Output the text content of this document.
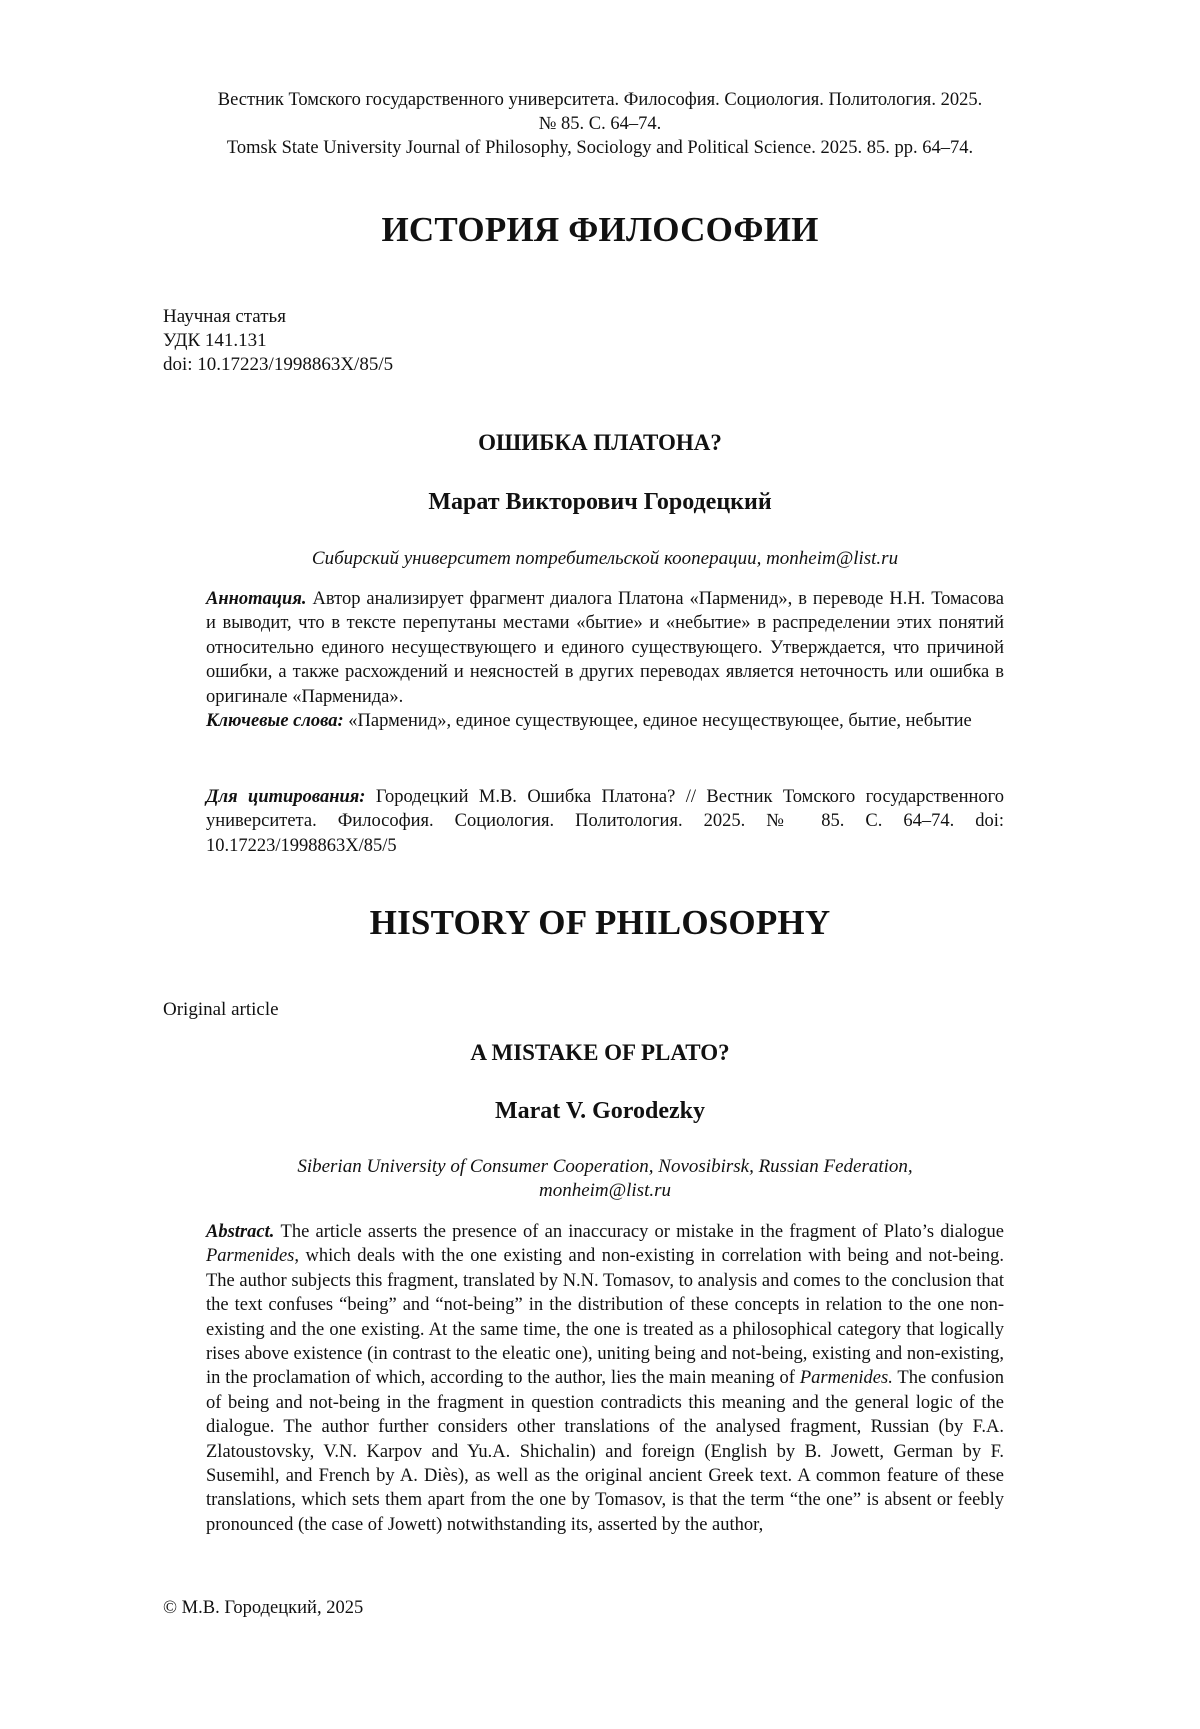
Вестник Томского государственного университета. Философия. Социология. Политология. 2025.
№ 85. С. 64–74.
Tomsk State University Journal of Philosophy, Sociology and Political Science. 2025. 85. pp. 64–74.
ИСТОРИЯ ФИЛОСОФИИ
Научная статья
УДК 141.131
doi: 10.17223/1998863Х/85/5
ОШИБКА ПЛАТОНА?
Марат Викторович Городецкий
Сибирский университет потребительской кооперации, monheim@list.ru
Аннотация. Автор анализирует фрагмент диалога Платона «Парменид», в переводе Н.Н. Томасова и выводит, что в тексте перепутаны местами «бытие» и «небытие» в распределении этих понятий относительно единого несуществующего и единого существующего. Утверждается, что причиной ошибки, а также расхождений и неясностей в других переводах является неточность или ошибка в оригинале «Парменида».
Ключевые слова: «Парменид», единое существующее, единое несуществующее, бытие, небытие
Для цитирования: Городецкий М.В. Ошибка Платона? // Вестник Томского государственного университета. Философия. Социология. Политология. 2025. № 85. С. 64–74. doi: 10.17223/1998863Х/85/5
HISTORY OF PHILOSOPHY
Original article
A MISTAKE OF PLATO?
Marat V. Gorodezky
Siberian University of Consumer Cooperation, Novosibirsk, Russian Federation,
monheim@list.ru
Abstract. The article asserts the presence of an inaccuracy or mistake in the fragment of Plato’s dialogue Parmenides, which deals with the one existing and non-existing in correlation with being and not-being. The author subjects this fragment, translated by N.N. Tomasov, to analysis and comes to the conclusion that the text confuses “being” and “not-being” in the distribution of these concepts in relation to the one non-existing and the one existing. At the same time, the one is treated as a philosophical category that logically rises above existence (in contrast to the eleatic one), uniting being and not-being, existing and non-existing, in the proclamation of which, according to the author, lies the main meaning of Parmenides. The confusion of being and not-being in the fragment in question contradicts this meaning and the general logic of the dialogue. The author further considers other translations of the analysed fragment, Russian (by F.A. Zlatoustovsky, V.N. Karpov and Yu.A. Shichalin) and foreign (English by B. Jowett, German by F. Susemihl, and French by A. Diès), as well as the original ancient Greek text. A common feature of these translations, which sets them apart from the one by Tomasov, is that the term “the one” is absent or feebly pronounced (the case of Jowett) notwithstanding its, asserted by the author,
© М.В. Городецкий, 2025
